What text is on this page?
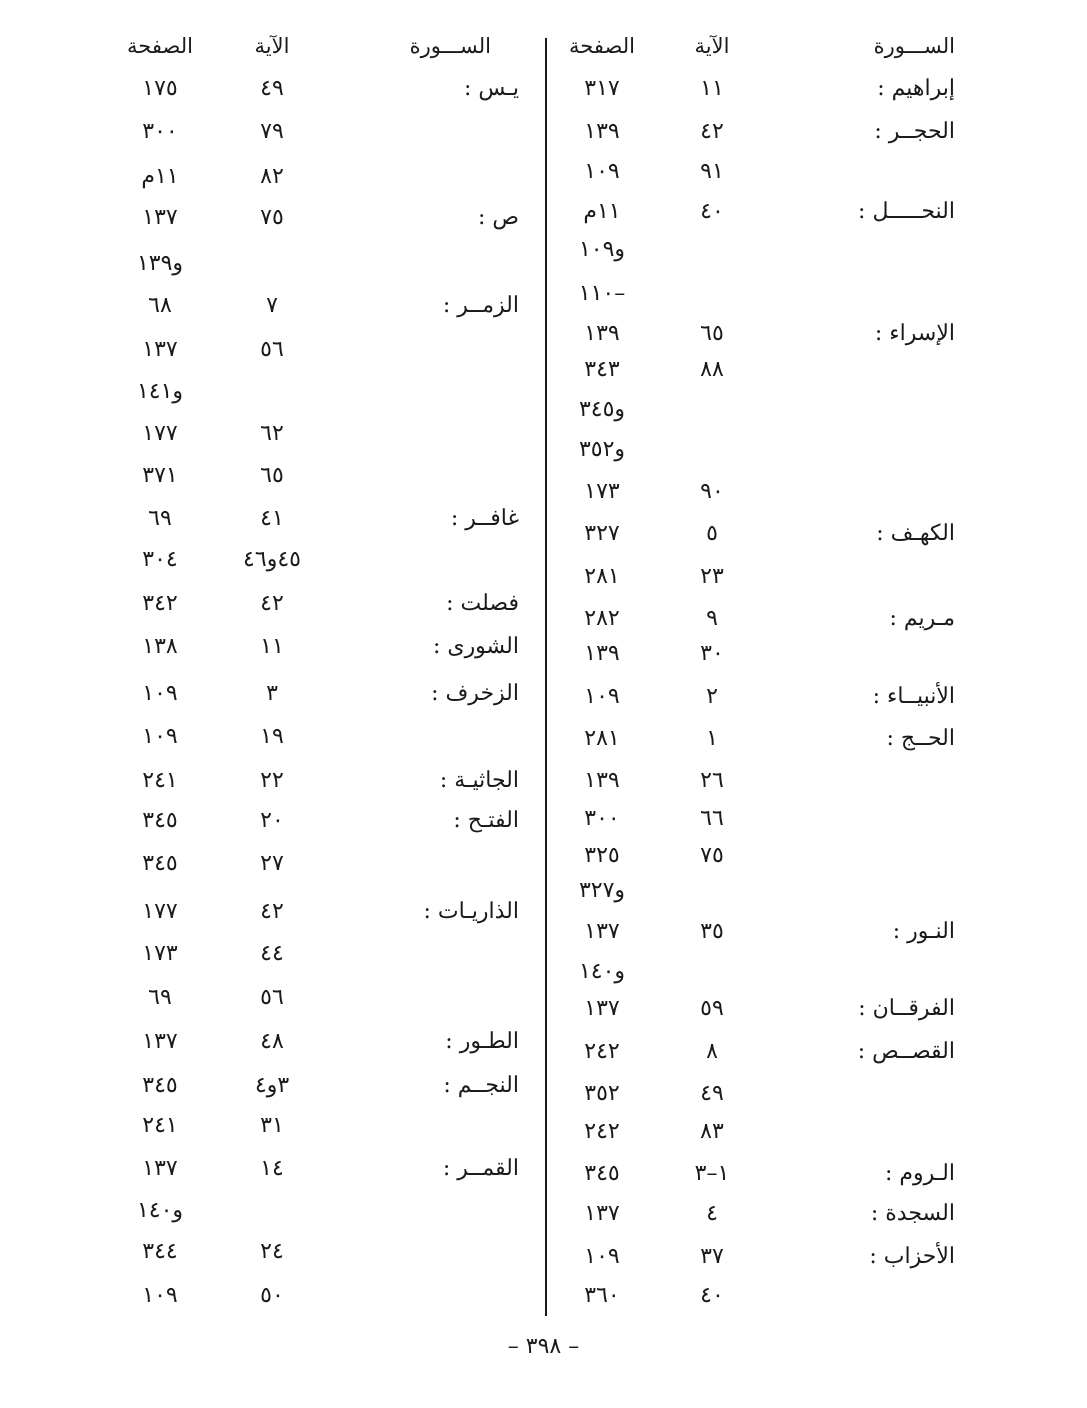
الســـورة
الآية
الصفحة
الســـورة
الآية
الصفحة
– ٣٩٨ –
إبراهيم :
١١
٣١٧
الحجــر :
٤٢
١٣٩
٩١
١٠٩
النحـــــل :
٤٠
١١م
و١٠٩
–١١٠
الإسراء :
٦٥
١٣٩
٨٨
٣٤٣
و٣٤٥
و٣٥٢
٩٠
١٧٣
الكهـف :
٥
٣٢٧
٢٣
٢٨١
مـريم :
٩
٢٨٢
٣٠
١٣٩
الأنبيــاء :
٢
١٠٩
الحــج :
١
٢٨١
٢٦
١٣٩
٦٦
٣٠٠
٧٥
٣٢٥
و٣٢٧
النـور :
٣٥
١٣٧
و١٤٠
الفرقــان :
٥٩
١٣٧
القصــص :
٨
٢٤٢
٤٩
٣٥٢
٨٣
٢٤٢
الـروم :
١–٣
٣٤٥
السجدة :
٤
١٣٧
الأحزاب :
٣٧
١٠٩
٤٠
٣٦٠
يـس :
٤٩
١٧٥
٧٩
٣٠٠
٨٢
١١م
ص :
٧٥
١٣٧
و١٣٩
الزمــر :
٧
٦٨
٥٦
١٣٧
و١٤١
٦٢
١٧٧
٦٥
٣٧١
غافــر :
٤١
٦٩
٤٥و٤٦
٣٠٤
فصلت :
٤٢
٣٤٢
الشورى :
١١
١٣٨
الزخرف :
٣
١٠٩
١٩
١٠٩
الجاثيـة :
٢٢
٢٤١
الفتـح :
٢٠
٣٤٥
٢٧
٣٤٥
الذاريـات :
٤٢
١٧٧
٤٤
١٧٣
٥٦
٦٩
الطـور :
٤٨
١٣٧
النجــم :
٣و٤
٣٤٥
٣١
٢٤١
القمــر :
١٤
١٣٧
و١٤٠
٢٤
٣٤٤
٥٠
١٠٩
